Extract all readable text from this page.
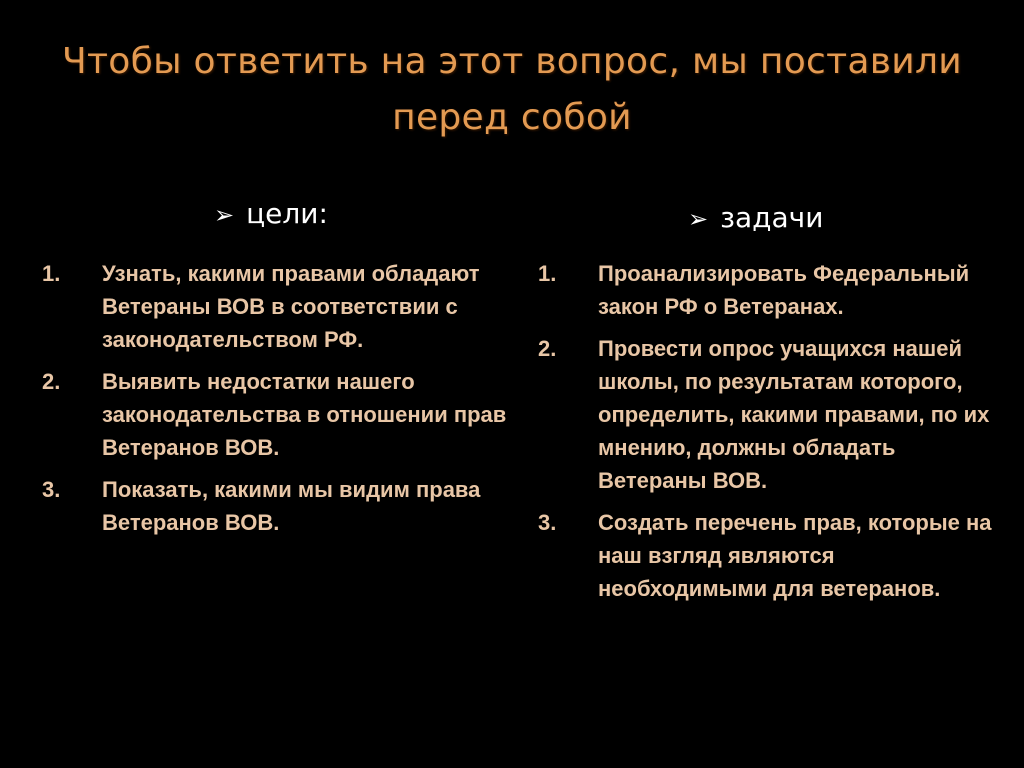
Чтобы ответить на этот вопрос, мы поставили перед собой
➢ цели:	➢ задачи
1.	Узнать, какими правами обладают Ветераны ВОВ в соответствии с законодательством РФ.
2.	Выявить недостатки нашего законодательства в отношении прав Ветеранов ВОВ.
3.	Показать, какими мы видим права Ветеранов ВОВ.
1.	Проанализировать Федеральный закон РФ о Ветеранах.
2.	Провести опрос учащихся нашей школы, по результатам которого, определить, какими правами, по их мнению, должны обладать Ветераны ВОВ.
3.	Создать перечень прав, которые на наш взгляд являются необходимыми для ветеранов.
